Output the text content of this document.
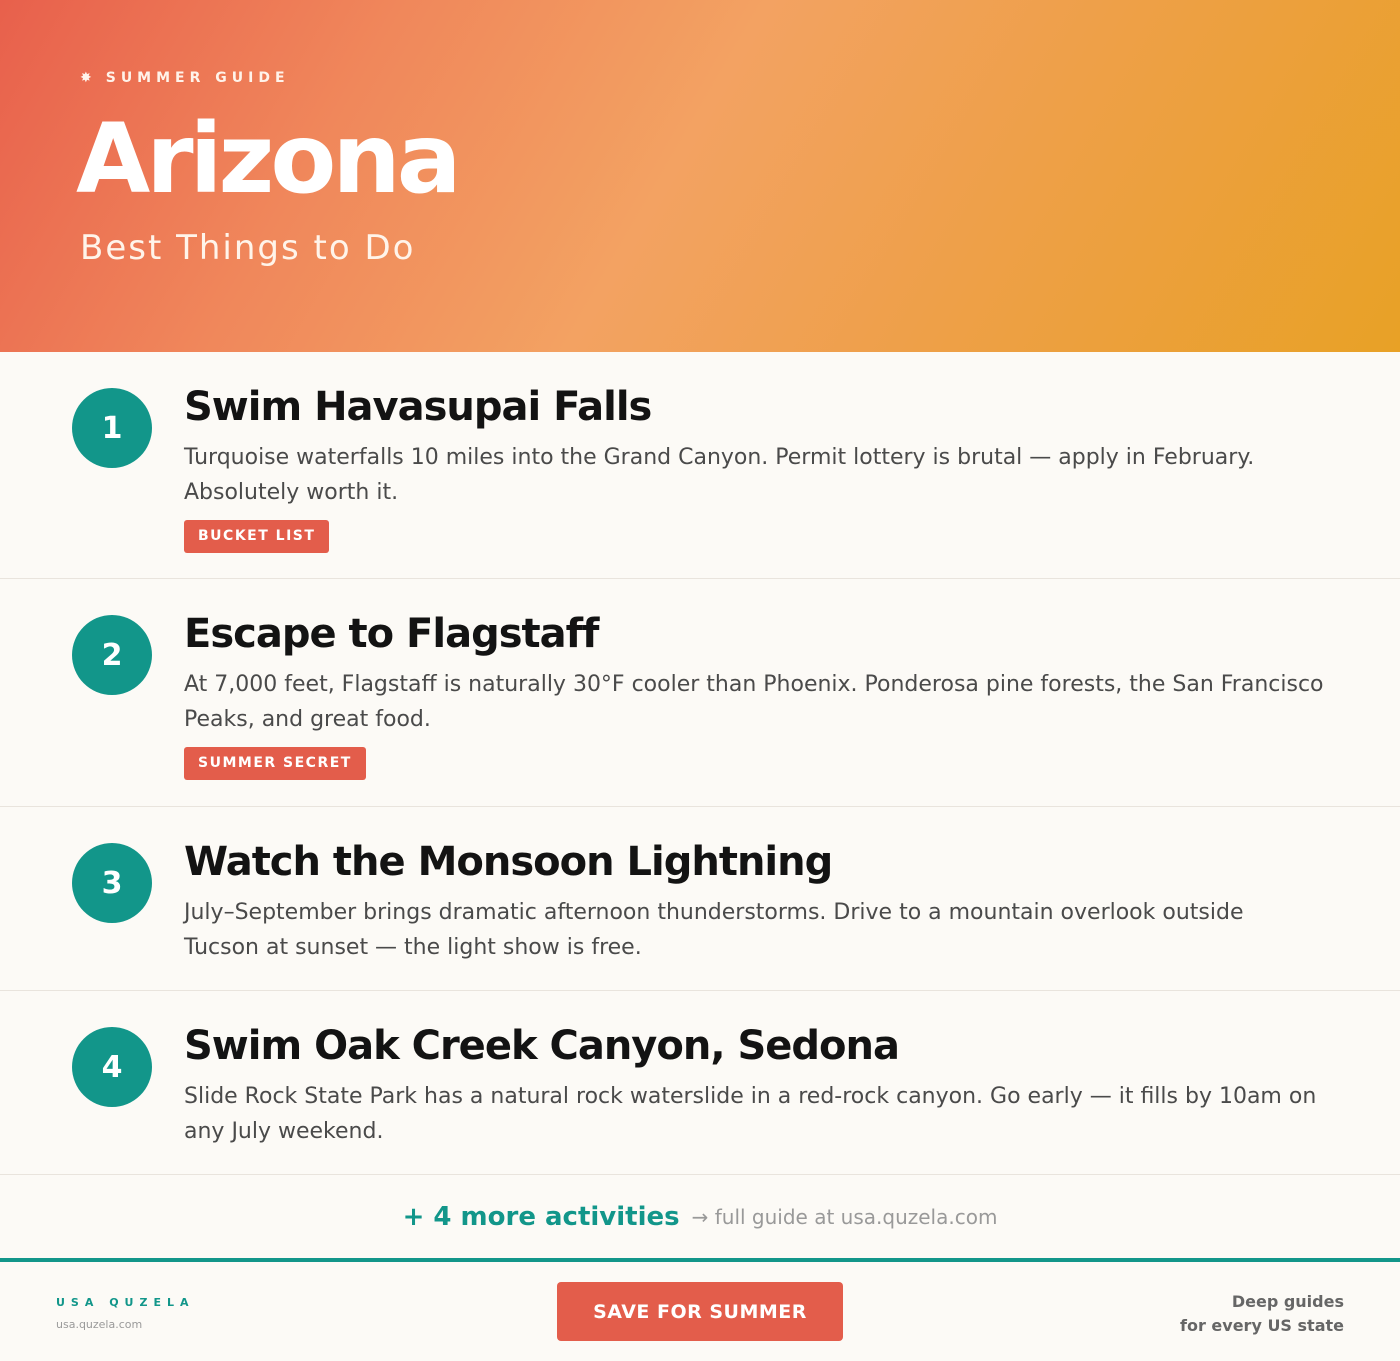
✸ SUMMER GUIDE
Arizona
Best Things to Do
1	Swim Havasupai Falls

Turquoise waterfalls 10 miles into the Grand Canyon. Permit lottery is brutal — apply in February. Absolutely worth it.

BUCKET LIST
2	Escape to Flagstaff

At 7,000 feet, Flagstaff is naturally 30°F cooler than Phoenix. Ponderosa pine forests, the San Francisco Peaks, and great food.

SUMMER SECRET
3	Watch the Monsoon Lightning

July–September brings dramatic afternoon thunderstorms. Drive to a mountain overlook outside Tucson at sunset — the light show is free.

4	Swim Oak Creek Canyon, Sedona

Slide Rock State Park has a natural rock waterslide in a red-rock canyon. Go early — it fills by 10am on any July weekend.

+ 4 more activities → full guide at usa.quzela.com
USA QUZELA
usa.quzela.com
SAVE FOR SUMMER	Deep guides
for every US state
